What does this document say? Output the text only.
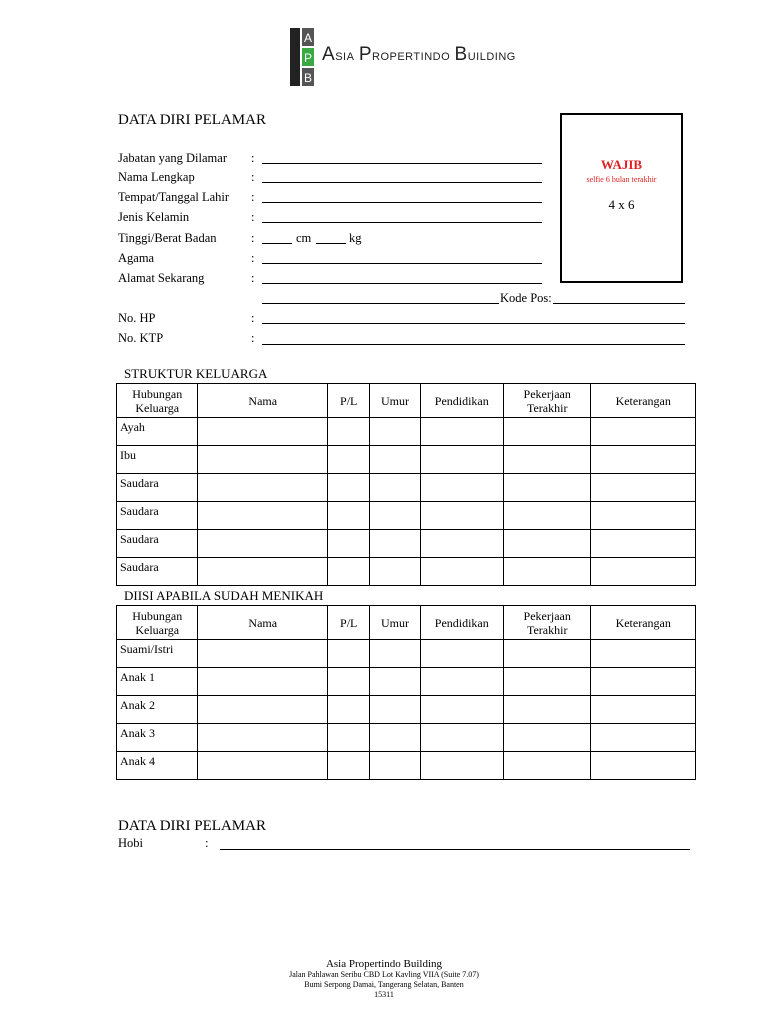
A
P
B
ASIA PROPERTINDO BUILDING
DATA DIRI PELAMAR
Jabatan yang Dilamar :
Nama Lengkap	:
Tempat/Tanggal Lahir :
Jenis Kelamin	:
Tinggi/Berat Badan	:	cm	kg
Agama	:
Alamat Sekarang	:
Kode Pos:
No. HP	:
No. KTP	:
WAJIB
selfie 6 bulan terakhir
4 x 6
STRUKTUR KELUARGA
Hubungan Keluarga	Nama	P/L	Umur	Pendidikan	Pekerjaan Terakhir	Keterangan
Ayah						
Ibu						
Saudara						
Saudara						
Saudara						
Saudara						
DIISI APABILA SUDAH MENIKAH
Hubungan Keluarga	Nama	P/L	Umur	Pendidikan	Pekerjaan Terakhir	Keterangan
Suami/Istri						
Anak 1						
Anak 2						
Anak 3						
Anak 4						
DATA DIRI PELAMAR
Hobi	:
Asia Propertindo Building
Jalan Pahlawan Seribu CBD Lot Kavling VIIA (Suite 7.07)
Bumi Serpong Damai, Tangerang Selatan, Banten
15311
